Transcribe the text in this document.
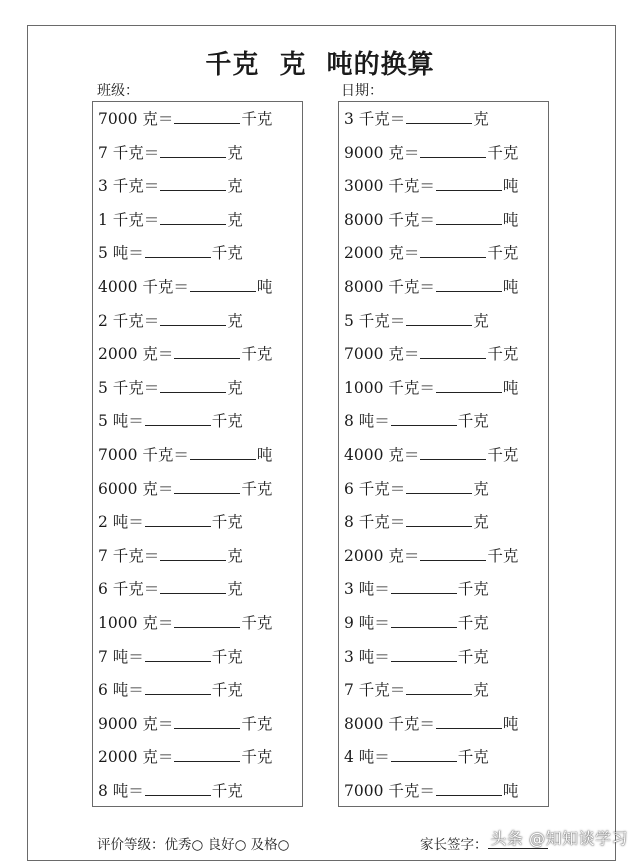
千克  克  吨的换算
班级：	日期：
7000 克＝	千克
7 千克＝	克
3 千克＝	克
1 千克＝	克
5 吨＝	千克
4000 千克＝	吨
2 千克＝	克
2000 克＝	千克
5 千克＝	克
5 吨＝	千克
7000 千克＝	吨
6000 克＝	千克
2 吨＝	千克
7 千克＝	克
6 千克＝	克
1000 克＝	千克
7 吨＝	千克
6 吨＝	千克
9000 克＝	千克
2000 克＝	千克
8 吨＝	千克
3 千克＝	克
9000 克＝	千克
3000 千克＝	吨
8000 千克＝	吨
2000 克＝	千克
8000 千克＝	吨
5 千克＝	克
7000 克＝	千克
1000 千克＝	吨
8 吨＝	千克
4000 克＝	千克
6 千克＝	克
8 千克＝	克
2000 克＝	千克
3 吨＝	千克
9 吨＝	千克
3 吨＝	千克
7 千克＝	克
8000 千克＝	吨
4 吨＝	千克
7000 千克＝	吨
评价等级：优秀○ 良好○ 及格○	家长签字： 头条 @知知谈学习
